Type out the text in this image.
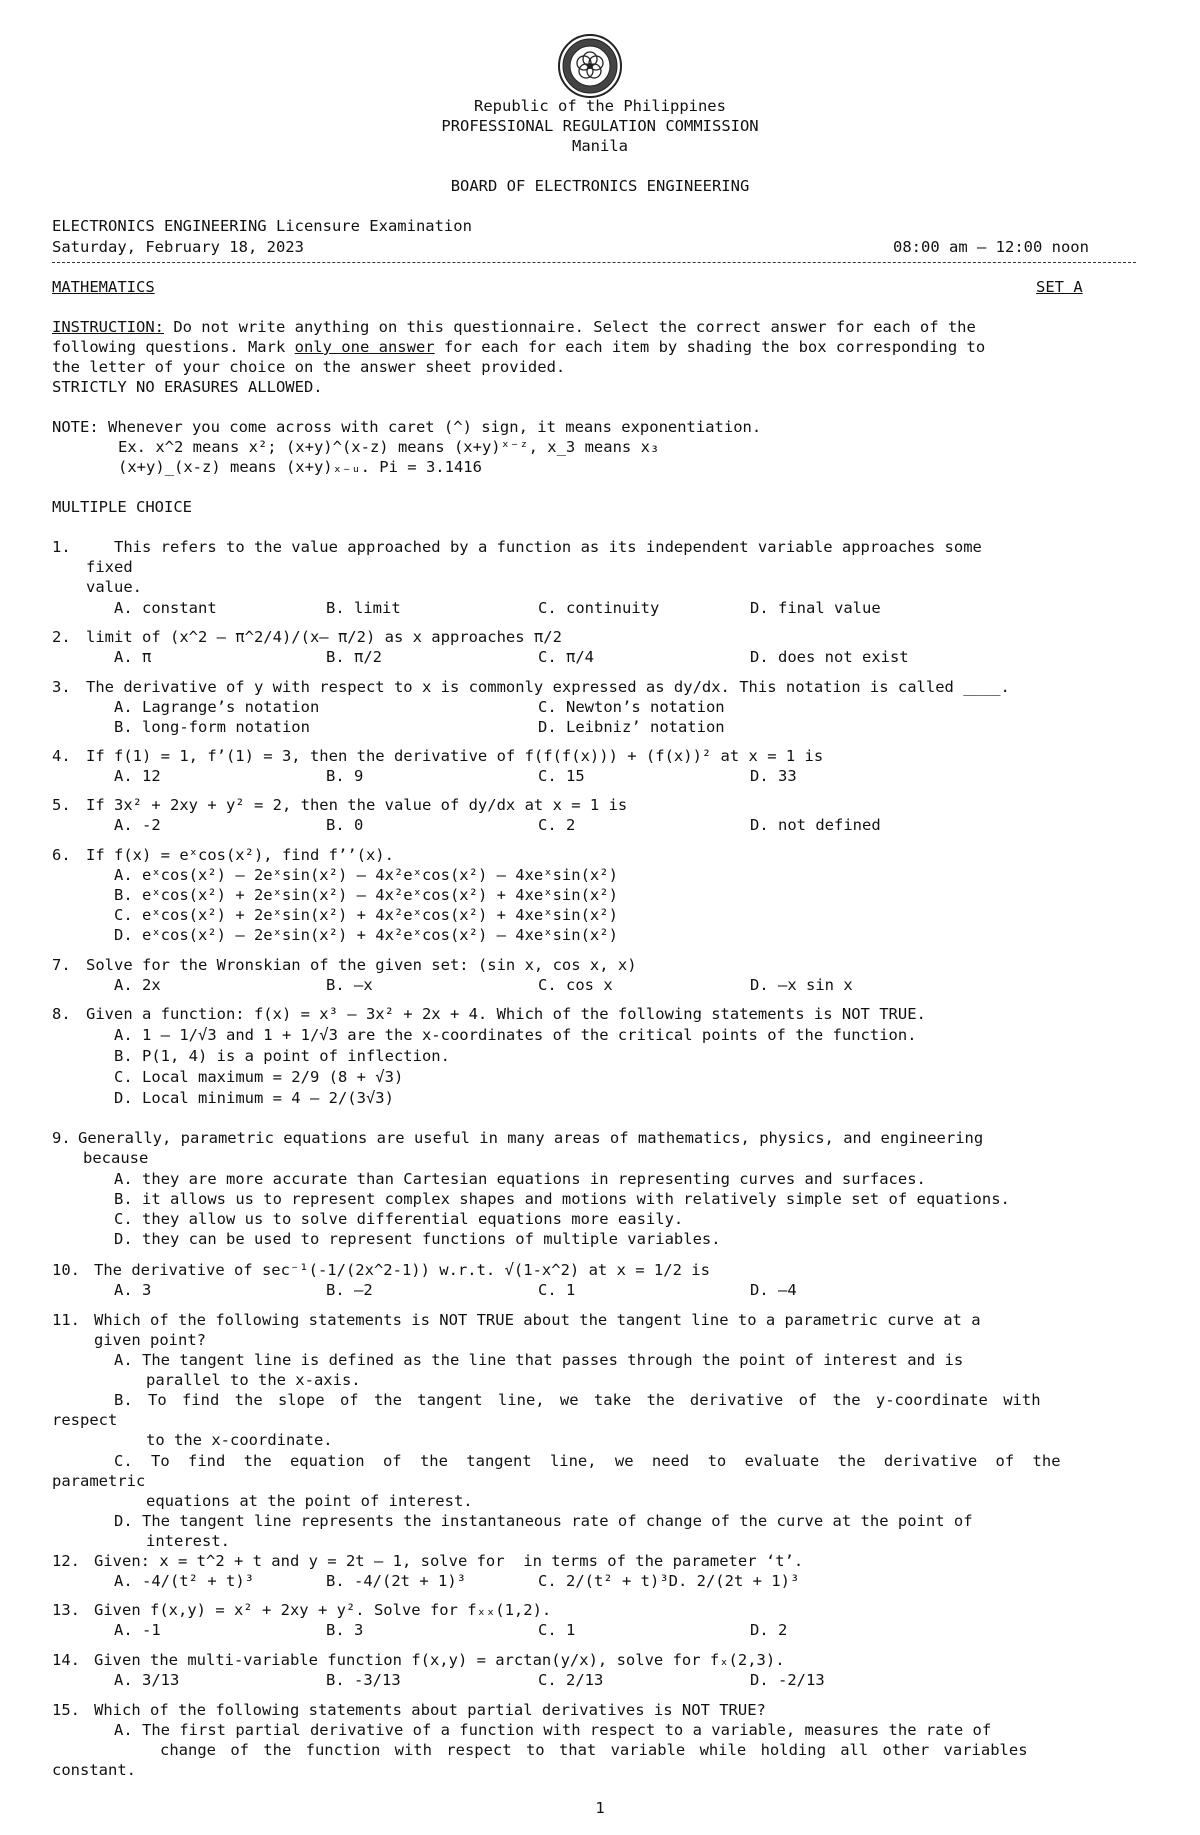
Republic of the Philippines
PROFESSIONAL REGULATION COMMISSION
Manila
BOARD OF ELECTRONICS ENGINEERING
ELECTRONICS ENGINEERING Licensure Examination
Saturday, February 18, 2023	08:00 am – 12:00 noon
MATHEMATICS	SET A
INSTRUCTION: Do not write anything on this questionnaire. Select the correct answer for each of the
following questions. Mark only one answer for each for each item by shading the box corresponding to
the letter of your choice on the answer sheet provided.
STRICTLY NO ERASURES ALLOWED.
NOTE: Whenever you come across with caret (^) sign, it means exponentiation.
Ex. x^2 means x²; (x+y)^(x-z) means (x+y)ˣ⁻ᶻ, x_3 means x₃
(x+y)_(x-z) means (x+y)ₓ₋ᵤ. Pi = 3.1416
MULTIPLE CHOICE
1.	This refers to the value approached by a function as its independent variable approaches some
fixed
value.
A. constant	B. limit	C. continuity	D. final value
2. limit of (x^2 – π^2/4)/(x– π/2) as x approaches π/2
A. π	B. π/2	C. π/4	D. does not exist
3. The derivative of y with respect to x is commonly expressed as dy/dx. This notation is called ____.
A. Lagrange’s notation	C. Newton’s notation
B. long-form notation	D. Leibniz’ notation
4. If f(1) = 1, f’(1) = 3, then the derivative of f(f(f(x))) + (f(x))² at x = 1 is
A. 12	B. 9	C. 15	D. 33
5. If 3x² + 2xy + y² = 2, then the value of dy/dx at x = 1 is
A. -2	B. 0	C. 2	D. not defined
6. If f(x) = eˣcos(x²), find f’’(x).
A. eˣcos(x²) – 2eˣsin(x²) – 4x²eˣcos(x²) – 4xeˣsin(x²)
B. eˣcos(x²) + 2eˣsin(x²) – 4x²eˣcos(x²) + 4xeˣsin(x²)
C. eˣcos(x²) + 2eˣsin(x²) + 4x²eˣcos(x²) + 4xeˣsin(x²)
D. eˣcos(x²) – 2eˣsin(x²) + 4x²eˣcos(x²) – 4xeˣsin(x²)
7. Solve for the Wronskian of the given set: (sin x, cos x, x)
A. 2x	B. –x	C. cos x	D. –x sin x
8. Given a function: f(x) = x³ – 3x² + 2x + 4. Which of the following statements is NOT TRUE.
A. 1 – 1/√3 and 1 + 1/√3 are the x-coordinates of the critical points of the function.
B. P(1, 4) is a point of inflection.
C. Local maximum = 2/9 (8 + √3)
D. Local minimum = 4 – 2/(3√3)
9. Generally, parametric equations are useful in many areas of mathematics, physics, and engineering
because
A. they are more accurate than Cartesian equations in representing curves and surfaces.
B. it allows us to represent complex shapes and motions with relatively simple set of equations.
C. they allow us to solve differential equations more easily.
D. they can be used to represent functions of multiple variables.
10. The derivative of sec⁻¹(-1/(2x^2-1)) w.r.t. √(1-x^2) at x = 1/2 is
A. 3	B. –2	C. 1	D. –4
11. Which of the following statements is NOT TRUE about the tangent line to a parametric curve at a
given point?
A. The tangent line is defined as the line that passes through the point of interest and is
parallel to the x-axis.
B. To find the slope of the tangent line, we take the derivative of the y-coordinate with
respect
to the x-coordinate.
C. To find the equation of the tangent line, we need to evaluate the derivative of the
parametric
equations at the point of interest.
D. The tangent line represents the instantaneous rate of change of the curve at the point of
interest.
12. Given: x = t^2 + t and y = 2t – 1, solve for  in terms of the parameter ‘t’.
A. -4/(t² + t)³	B. -4/(2t + 1)³	C. 2/(t² + t)³D. 2/(2t + 1)³
13. Given f(x,y) = x² + 2xy + y². Solve for fₓₓ(1,2).
A. -1	B. 3	C. 1	D. 2
14. Given the multi-variable function f(x,y) = arctan(y/x), solve for fₓ(2,3).
A. 3/13	B. -3/13	C. 2/13	D. -2/13
15. Which of the following statements about partial derivatives is NOT TRUE?
A. The first partial derivative of a function with respect to a variable, measures the rate of
change of the function with respect to that variable while holding all other variables
constant.
1
